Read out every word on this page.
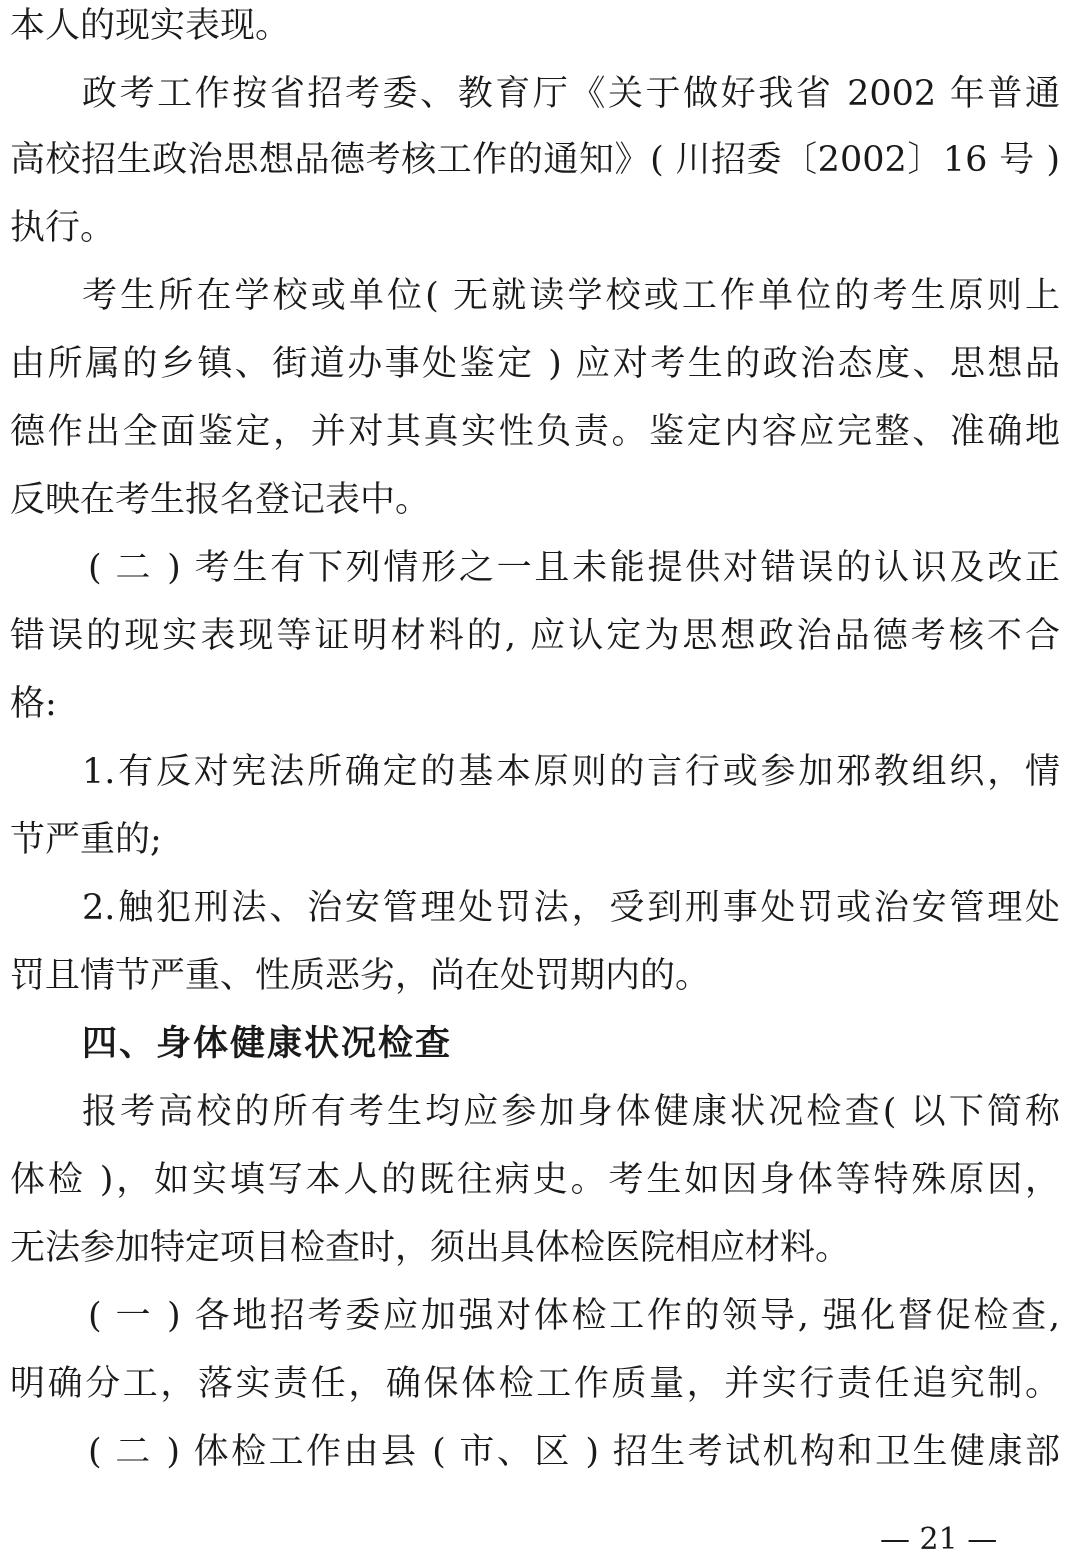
本人的现实表现。
政考工作按省招考委、教育厅《关于做好我省 2002 年普通
高校招生政治思想品德考核工作的通知》( 川招委〔2002〕16 号 )
执行。
考生所在学校或单位( 无就读学校或工作单位的考生原则上
由所属的乡镇、街道办事处鉴定 ) 应对考生的政治态度、思想品
德作出全面鉴定，并对其真实性负责。鉴定内容应完整、准确地
反映在考生报名登记表中。
( 二 ) 考生有下列情形之一且未能提供对错误的认识及改正
错误的现实表现等证明材料的, 应认定为思想政治品德考核不合
格:
1.有反对宪法所确定的基本原则的言行或参加邪教组织，情
节严重的;
2.触犯刑法、治安管理处罚法，受到刑事处罚或治安管理处
罚且情节严重、性质恶劣，尚在处罚期内的。
四、身体健康状况检查
报考高校的所有考生均应参加身体健康状况检查( 以下简称
体检 )，如实填写本人的既往病史。考生如因身体等特殊原因，
无法参加特定项目检查时，须出具体检医院相应材料。
( 一 ) 各地招考委应加强对体检工作的领导, 强化督促检查,
明确分工，落实责任，确保体检工作质量，并实行责任追究制。
( 二 ) 体检工作由县 ( 市、区 ) 招生考试机构和卫生健康部
— 21 —
